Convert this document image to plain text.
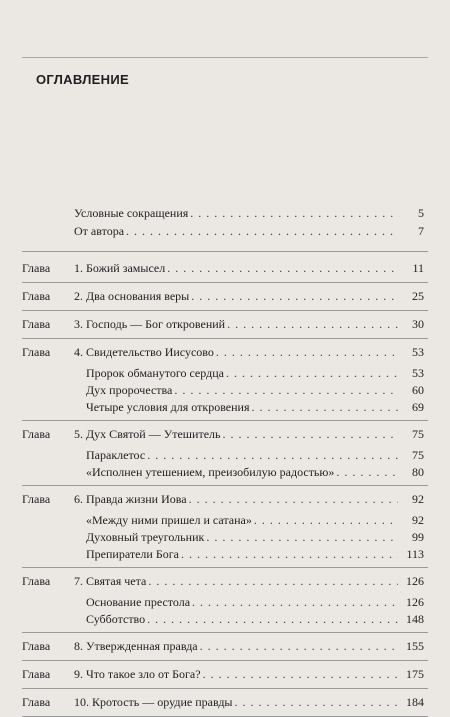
ОГЛАВЛЕНИЕ
Условные сокращения . . .	5
От автора . . .	7
Глава 1. Божий замысел . . .	11
Глава 2. Два основания веры . . .	25
Глава 3. Господь — Бог откровений . . .	30
Глава 4. Свидетельство Иисусово . . .	53
Пророк обманутого сердца . . .	53
Дух пророчества . . .	60
Четыре условия для откровения . . .	69
Глава 5. Дух Святой — Утешитель . . .	75
Параклетос . . .	75
«Исполнен утешением, преизобилую радостью» . . .	80
Глава 6. Правда жизни Иова . . .	92
«Между ними пришел и сатана» . . .	92
Духовный треугольник . . .	99
Препиратели Бога . . .	113
Глава 7. Святая чета . . .	126
Основание престола . . .	126
Субботство . . .	148
Глава 8. Утвержденная правда . . .	155
Глава 9. Что такое зло от Бога? . . .	175
Глава 10. Кротость — орудие правды . . .	184
